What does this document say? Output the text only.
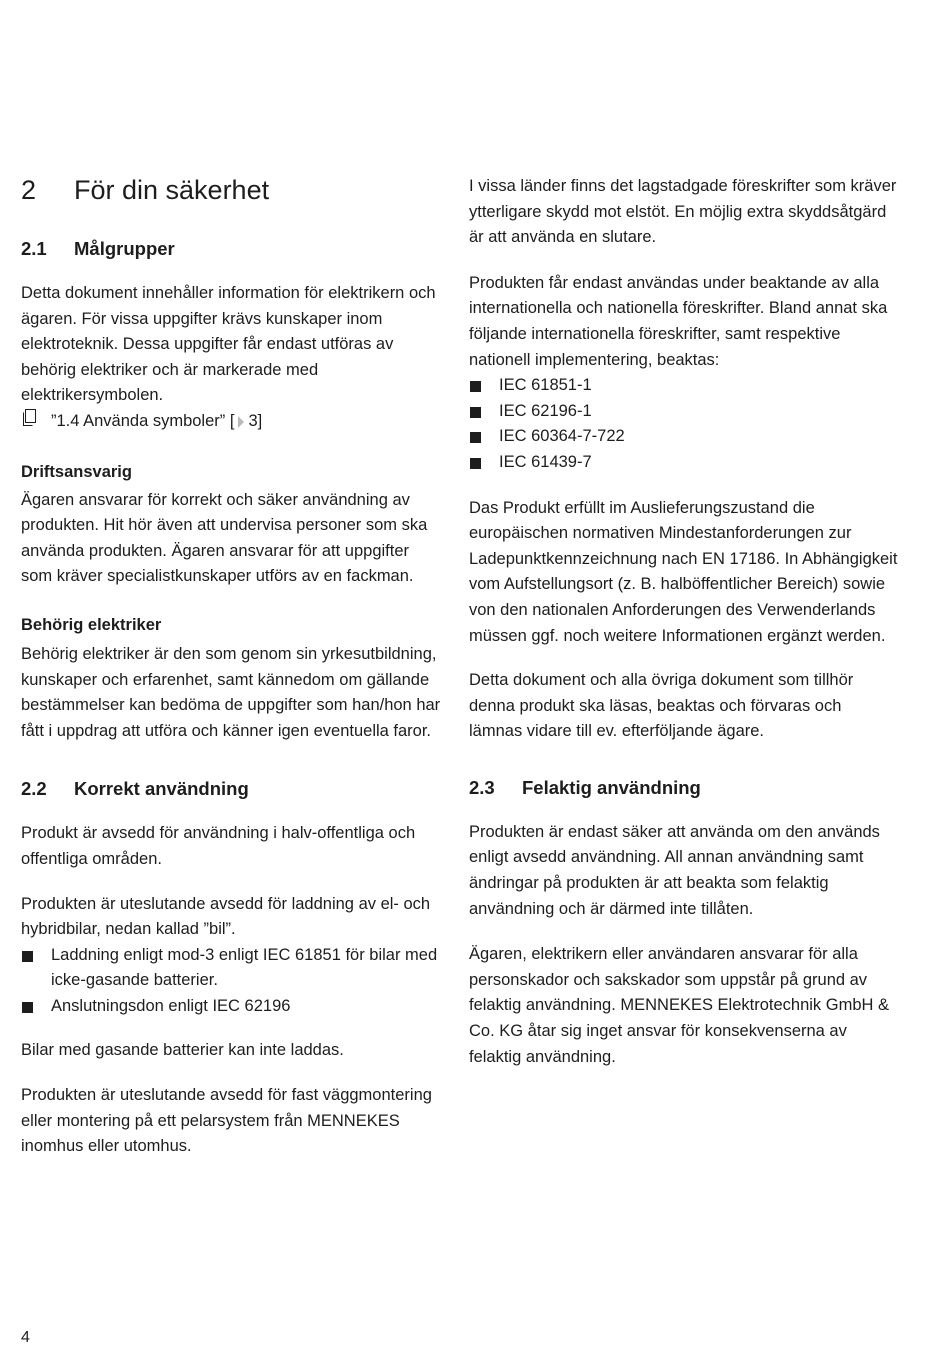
2	För din säkerhet
2.1	Målgrupper

Detta dokument innehåller information för elektrikern och ägaren. För vissa uppgifter krävs kunskaper inom elektroteknik. Dessa uppgifter får endast utföras av behörig elektriker och är markerade med elektrikersymbolen.

”1.4 Använda symboler” [ 3]
Driftsansvarig

Ägaren ansvarar för korrekt och säker användning av produkten. Hit hör även att undervisa personer som ska använda produkten. Ägaren ansvarar för att uppgifter som kräver specialistkunskaper utförs av en fackman.

Behörig elektriker

Behörig elektriker är den som genom sin yrkesutbildning, kunskaper och erfarenhet, samt kännedom om gällande bestämmelser kan bedöma de uppgifter som han/hon har fått i uppdrag att utföra och känner igen eventuella faror.

2.2	Korrekt användning

Produkt är avsedd för användning i halv-offentliga och offentliga områden.

Produkten är uteslutande avsedd för laddning av el- och hybridbilar, nedan kallad ”bil”.

Laddning enligt mod-3 enligt IEC 61851 för bilar med icke-gasande batterier.
Anslutningsdon enligt IEC 62196

Bilar med gasande batterier kan inte laddas.

Produkten är uteslutande avsedd för fast väggmontering eller montering på ett pelarsystem från MENNEKES inomhus eller utomhus.

I vissa länder finns det lagstadgade föreskrifter som kräver ytterligare skydd mot elstöt. En möjlig extra skyddsåtgärd är att använda en slutare.

Produkten får endast användas under beaktande av alla internationella och nationella föreskrifter. Bland annat ska följande internationella föreskrifter, samt respektive nationell implementering, beaktas:

IEC 61851-1
IEC 62196-1
IEC 60364-7-722
IEC 61439-7

Das Produkt erfüllt im Auslieferungszustand die europäischen normativen Mindestanforderungen zur Ladepunktkennzeichnung nach EN 17186. In Abhängigkeit vom Aufstellungsort (z. B. halböffentlicher Bereich) sowie von den nationalen Anforderungen des Verwenderlands müssen ggf. noch weitere Informationen ergänzt werden.

Detta dokument och alla övriga dokument som tillhör denna produkt ska läsas, beaktas och förvaras och lämnas vidare till ev. efterföljande ägare.

2.3	Felaktig användning

Produkten är endast säker att använda om den används enligt avsedd användning. All annan användning samt ändringar på produkten är att beakta som felaktig användning och är därmed inte tillåten.

Ägaren, elektrikern eller användaren ansvarar för alla personskador och sakskador som uppstår på grund av felaktig användning. MENNEKES Elektrotechnik GmbH & Co. KG åtar sig inget ansvar för konsekvenserna av felaktig användning.

4
